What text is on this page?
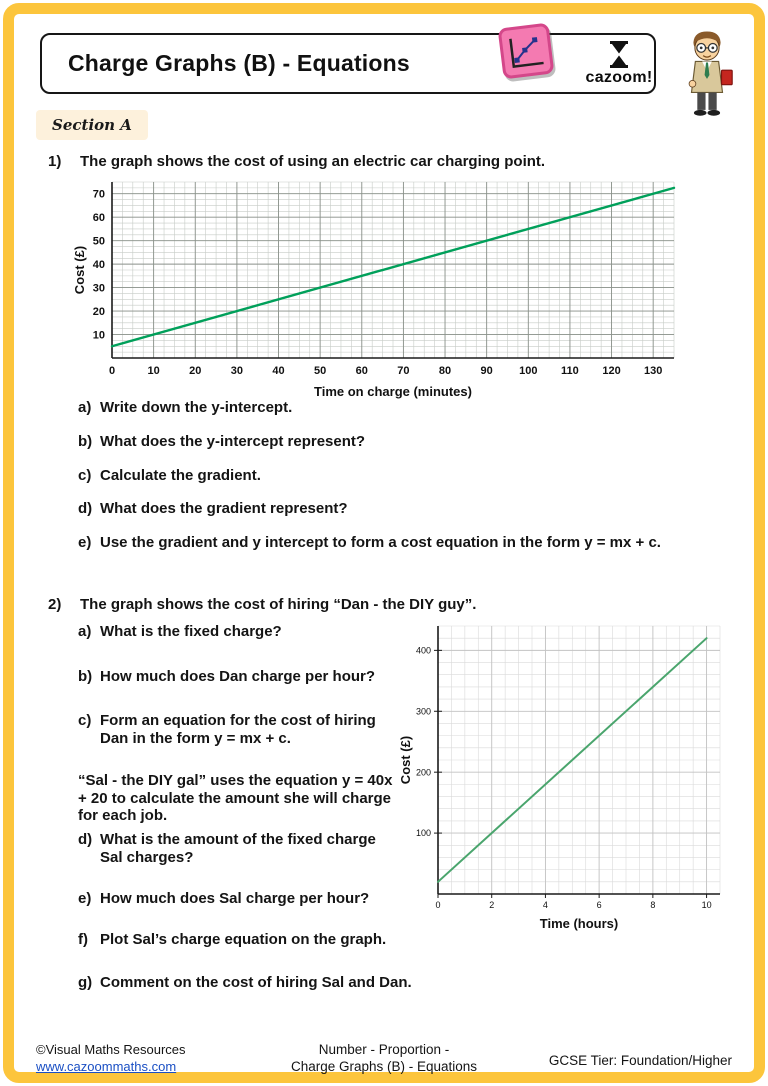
Charge Graphs (B) - Equations
cazoom!
Section A
1)	The graph shows the cost of using an electric car charging point.
0	10	20	30	40	50	60	70	80	90 100 110 120 130
10
20
30
40
50
60
70
Time on charge (minutes)
Cost (£)
a) Write down the y-intercept.
b) What does the y-intercept represent?
c) Calculate the gradient.
d) What does the gradient represent?
e) Use the gradient and y intercept to form a cost equation in the form y = mx + c.
2)	The graph shows the cost of hiring “Dan - the DIY guy”.
a) What is the fixed charge?
b) How much does Dan charge per hour?
c) Form an equation for the cost of hiring Dan in the form y = mx + c.
“Sal - the DIY gal” uses the equation y = 40x + 20 to calculate the amount she will charge for each job.
d) What is the amount of the fixed charge Sal charges?
e) How much does Sal charge per hour?
f) Plot Sal’s charge equation on the graph.
g) Comment on the cost of hiring Sal and Dan.
0	2	4	6	8	10
100
200
300
400
Time (hours)
Cost (£)
©Visual Maths Resources
www.cazoommaths.com
Number - Proportion -
Charge Graphs (B) - Equations	GCSE Tier: Foundation/Higher
